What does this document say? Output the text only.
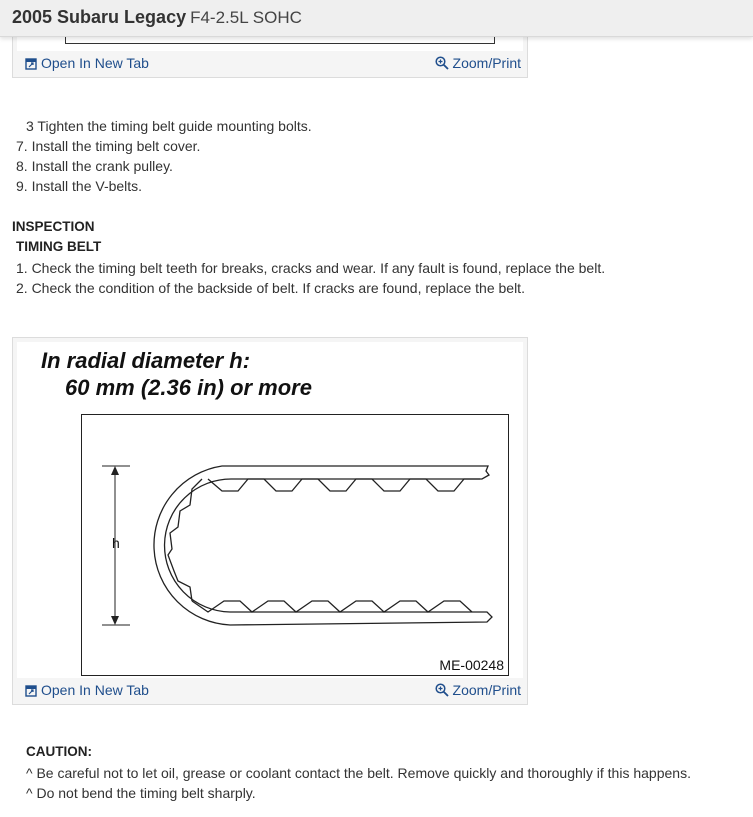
2005 Subaru Legacy F4-2.5L SOHC
Open In New Tab	Zoom/Print
3 Tighten the timing belt guide mounting bolts.
7. Install the timing belt cover.
8. Install the crank pulley.
9. Install the V-belts.
INSPECTION
TIMING BELT
1. Check the timing belt teeth for breaks, cracks and wear. If any fault is found, replace the belt.
2. Check the condition of the backside of belt. If cracks are found, replace the belt.
In radial diameter h:
60 mm (2.36 in) or more
h
ME-00248
Open In New Tab	Zoom/Print
CAUTION:
^ Be careful not to let oil, grease or coolant contact the belt. Remove quickly and thoroughly if this happens.
^ Do not bend the timing belt sharply.
